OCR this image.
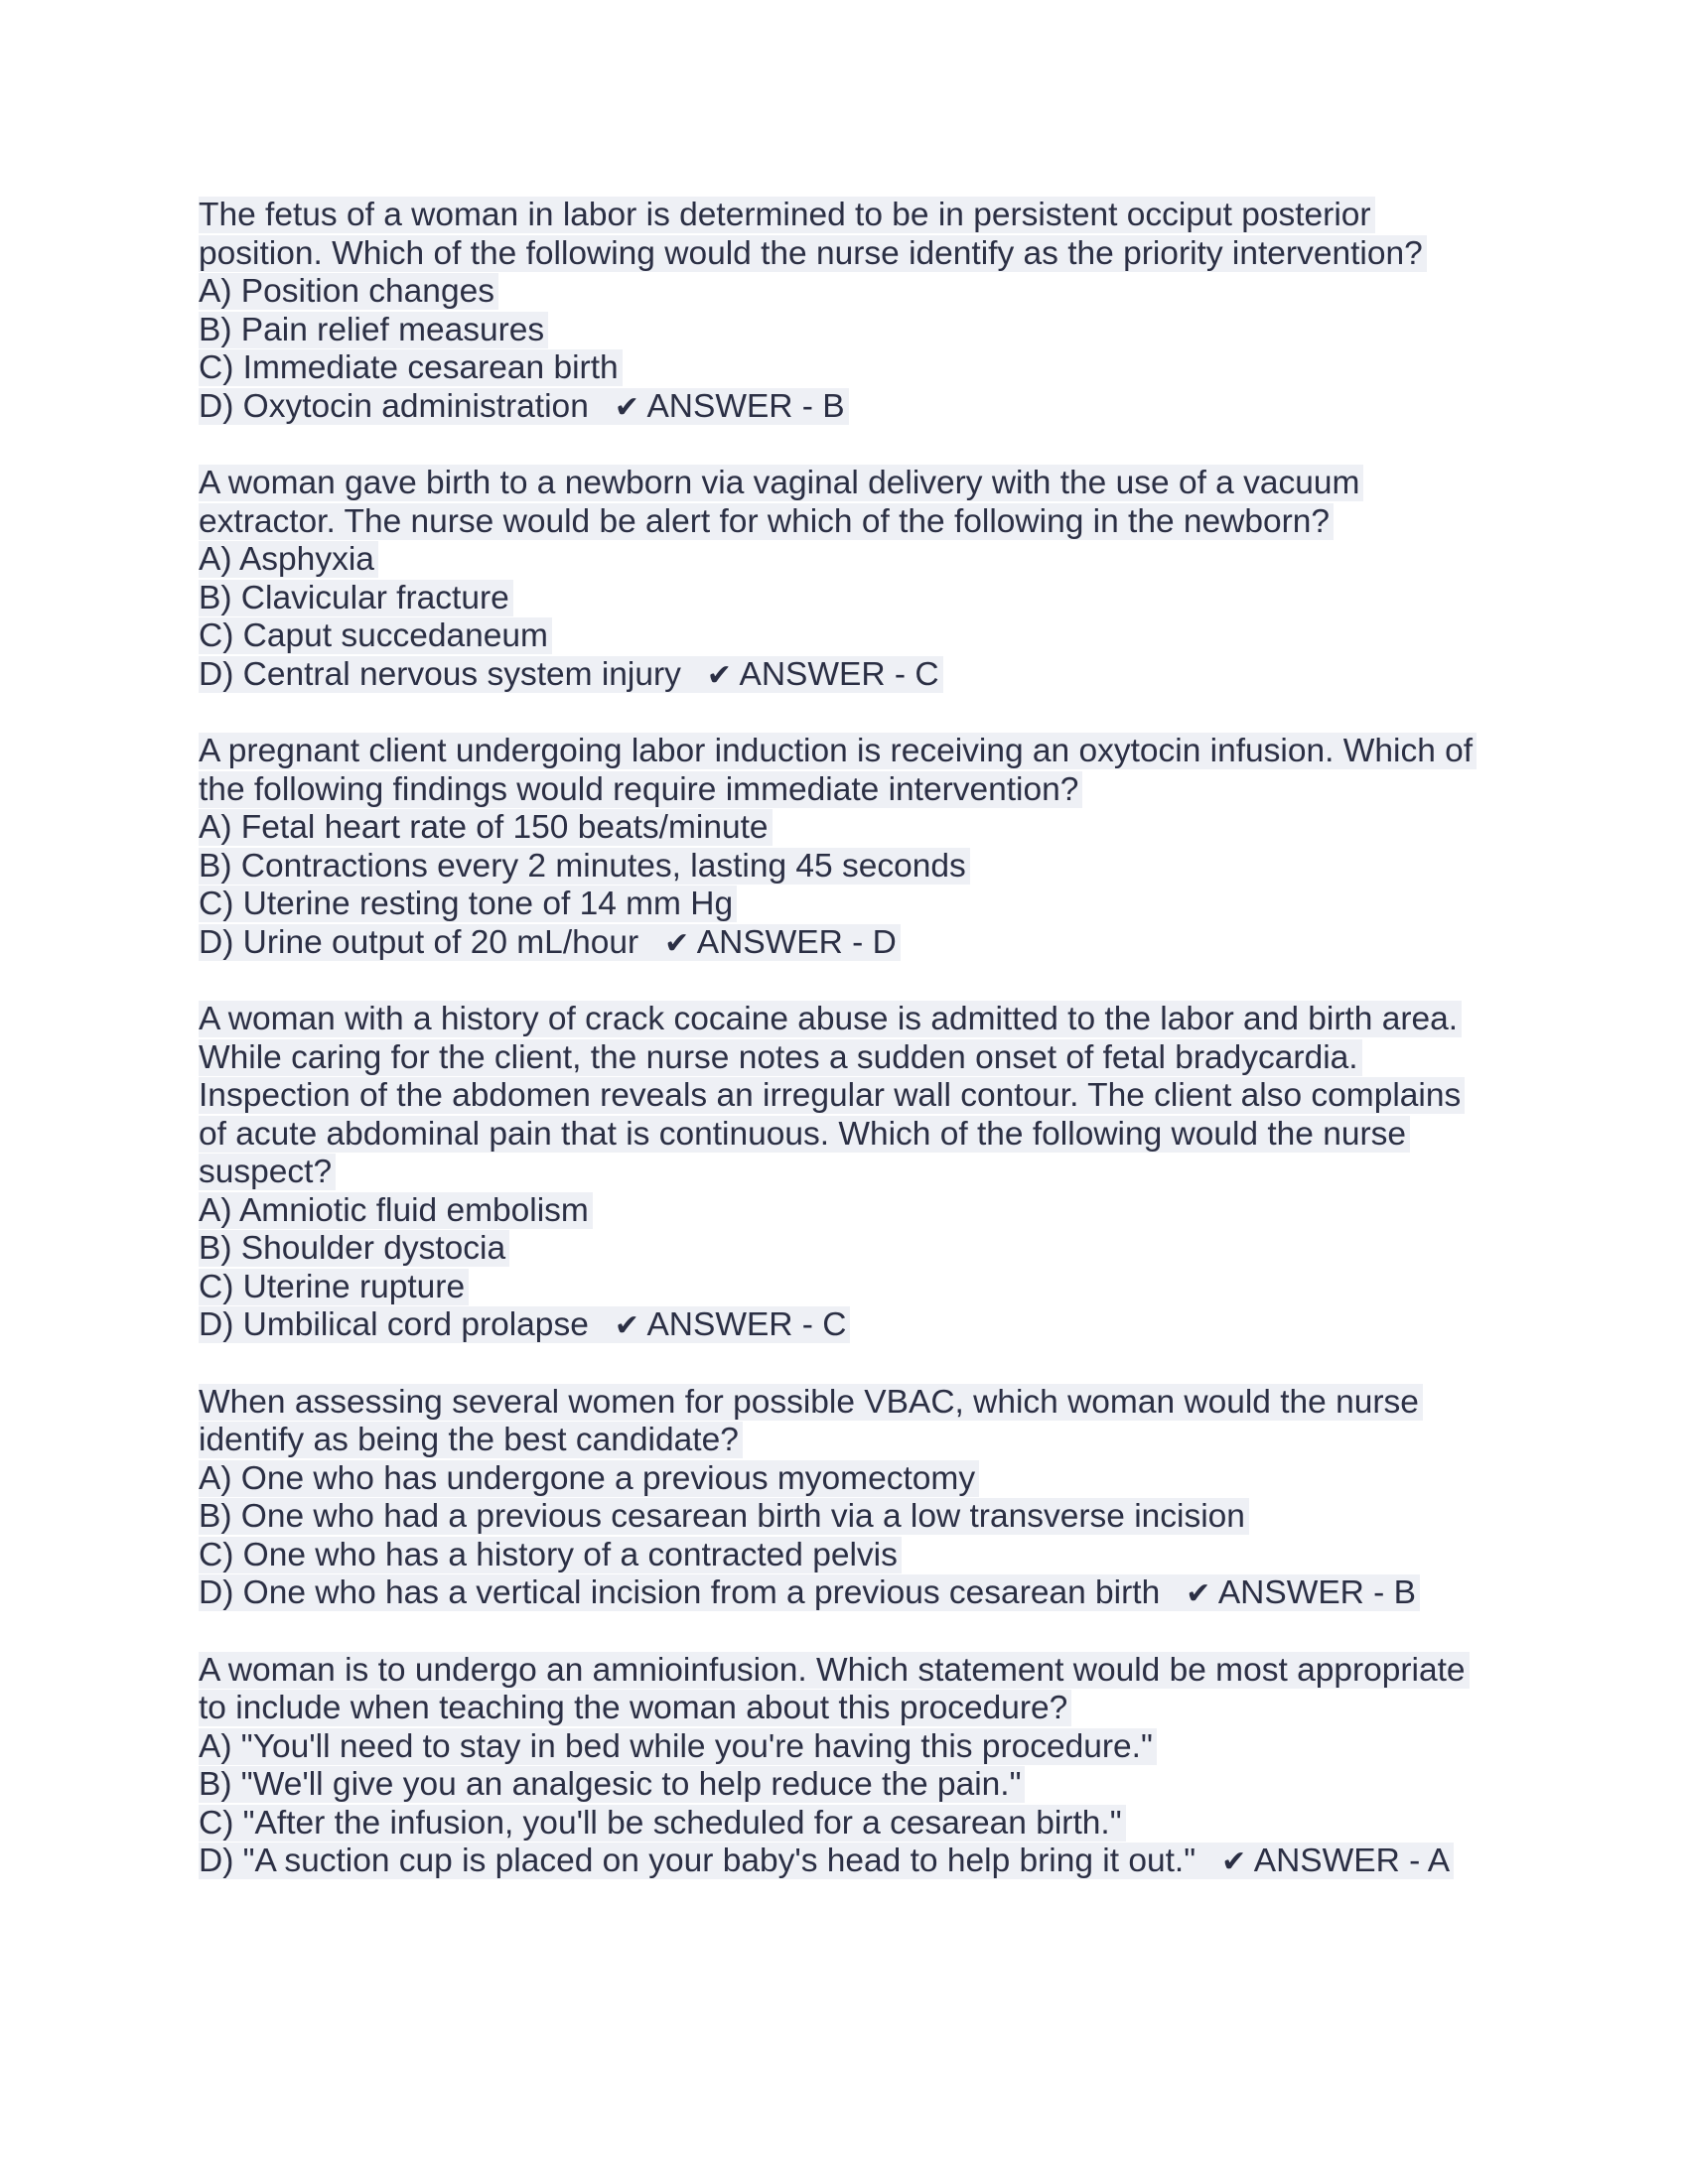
The fetus of a woman in labor is determined to be in persistent occiput posterior
position. Which of the following would the nurse identify as the priority intervention?
A) Position changes
B) Pain relief measures
C) Immediate cesarean birth
D) Oxytocin administration ✔ ANSWER - B
A woman gave birth to a newborn via vaginal delivery with the use of a vacuum
extractor. The nurse would be alert for which of the following in the newborn?
A) Asphyxia
B) Clavicular fracture
C) Caput succedaneum
D) Central nervous system injury ✔ ANSWER - C
A pregnant client undergoing labor induction is receiving an oxytocin infusion. Which of
the following findings would require immediate intervention?
A) Fetal heart rate of 150 beats/minute
B) Contractions every 2 minutes, lasting 45 seconds
C) Uterine resting tone of 14 mm Hg
D) Urine output of 20 mL/hour ✔ ANSWER - D
A woman with a history of crack cocaine abuse is admitted to the labor and birth area.
While caring for the client, the nurse notes a sudden onset of fetal bradycardia.
Inspection of the abdomen reveals an irregular wall contour. The client also complains
of acute abdominal pain that is continuous. Which of the following would the nurse
suspect?
A) Amniotic fluid embolism
B) Shoulder dystocia
C) Uterine rupture
D) Umbilical cord prolapse ✔ ANSWER - C
When assessing several women for possible VBAC, which woman would the nurse
identify as being the best candidate?
A) One who has undergone a previous myomectomy
B) One who had a previous cesarean birth via a low transverse incision
C) One who has a history of a contracted pelvis
D) One who has a vertical incision from a previous cesarean birth ✔ ANSWER - B
A woman is to undergo an amnioinfusion. Which statement would be most appropriate
to include when teaching the woman about this procedure?
A) "You'll need to stay in bed while you're having this procedure."
B) "We'll give you an analgesic to help reduce the pain."
C) "After the infusion, you'll be scheduled for a cesarean birth."
D) "A suction cup is placed on your baby's head to help bring it out." ✔ ANSWER - A
